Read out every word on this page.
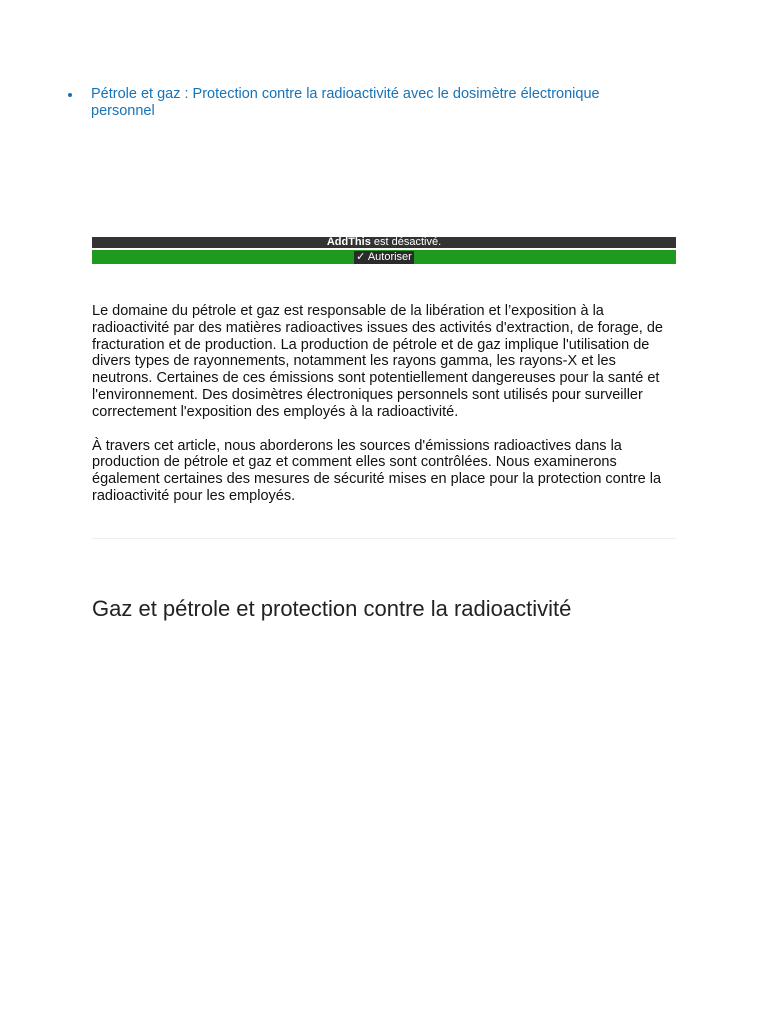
Pétrole et gaz : Protection contre la radioactivité avec le dosimètre électronique personnel
AddThis est désactivé.
✓ Autoriser

Le domaine du pétrole et gaz est responsable de la libération et l’exposition à la radioactivité par des matières radioactives issues des activités d'extraction, de forage, de fracturation et de production. La production de pétrole et de gaz implique l'utilisation de divers types de rayonnements, notamment les rayons gamma, les rayons-X et les neutrons. Certaines de ces émissions sont potentiellement dangereuses pour la santé et l'environnement. Des dosimètres électroniques personnels sont utilisés pour surveiller correctement l'exposition des employés à la radioactivité.

À travers cet article, nous aborderons les sources d'émissions radioactives dans la production de pétrole et gaz et comment elles sont contrôlées. Nous examinerons également certaines des mesures de sécurité mises en place pour la protection contre la radioactivité pour les employés.

Gaz et pétrole et protection contre la radioactivité
